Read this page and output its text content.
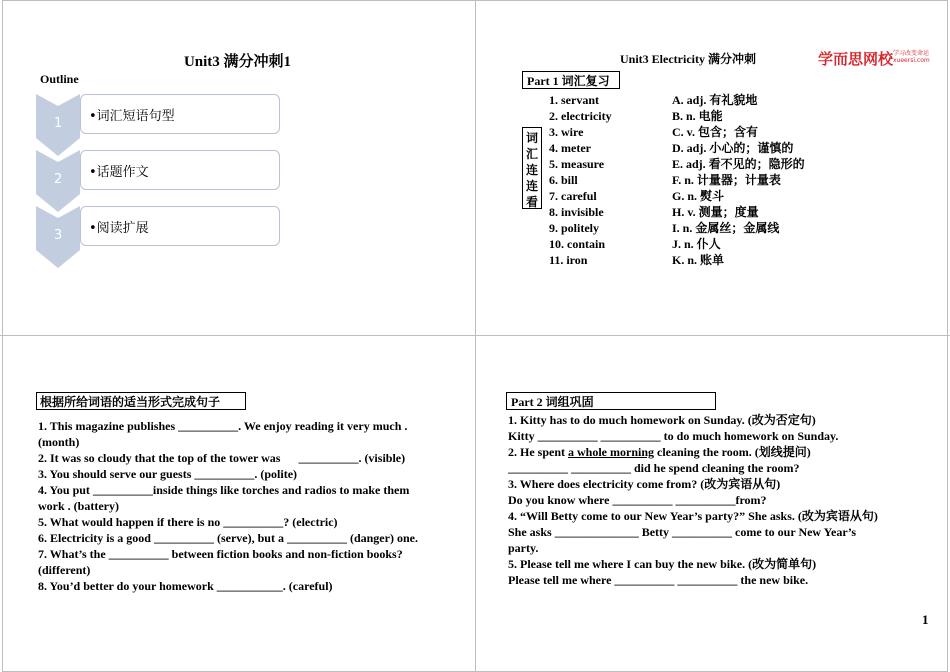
Unit3 满分冲刺1
Outline
1 •词汇短语句型
2 •话题作文
3 •阅读扩展
Unit3 Electricity 满分冲刺	学而思网校 学习改变命运
xueersi.com
Part 1 词汇复习
词
汇
连
连
看
1. servant
2. electricity
3. wire
4. meter
5. measure
6. bill
7. careful
8. invisible
9. politely
10. contain
11. iron
A. adj. 有礼貌地
B. n. 电能
C. v. 包含；含有
D. adj. 小心的；谨慎的
E. adj. 看不见的；隐形的
F. n. 计量器；计量表
G. n. 熨斗
H. v. 测量；度量
I. n. 金属丝；金属线
J. n. 仆人
K. n. 账单
根据所给词语的适当形式完成句子
1. This magazine publishes __________. We enjoy reading it very much .
(month)
2. It was so cloudy that the top of the tower was      __________. (visible)
3. You should serve our guests __________. (polite)
4. You put __________inside things like torches and radios to make them
work . (battery)
5. What would happen if there is no __________? (electric)
6. Electricity is a good __________ (serve), but a __________ (danger) one.
7. What’s the __________ between fiction books and non-fiction books?
(different)
8. You’d better do your homework ___________. (careful)
Part 2 词组巩固
1. Kitty has to do much homework on Sunday. (改为否定句)
Kitty __________ __________ to do much homework on Sunday.
2. He spent a whole morning cleaning the room. (划线提问)
__________ __________ did he spend cleaning the room?
3. Where does electricity come from? (改为宾语从句)
Do you know where __________ __________from?
4. “Will Betty come to our New Year’s party?” She asks. (改为宾语从句)
She asks ______________ Betty __________ come to our New Year’s
party.
5. Please tell me where I can buy the new bike. (改为简单句)
Please tell me where __________ __________ the new bike.
1
